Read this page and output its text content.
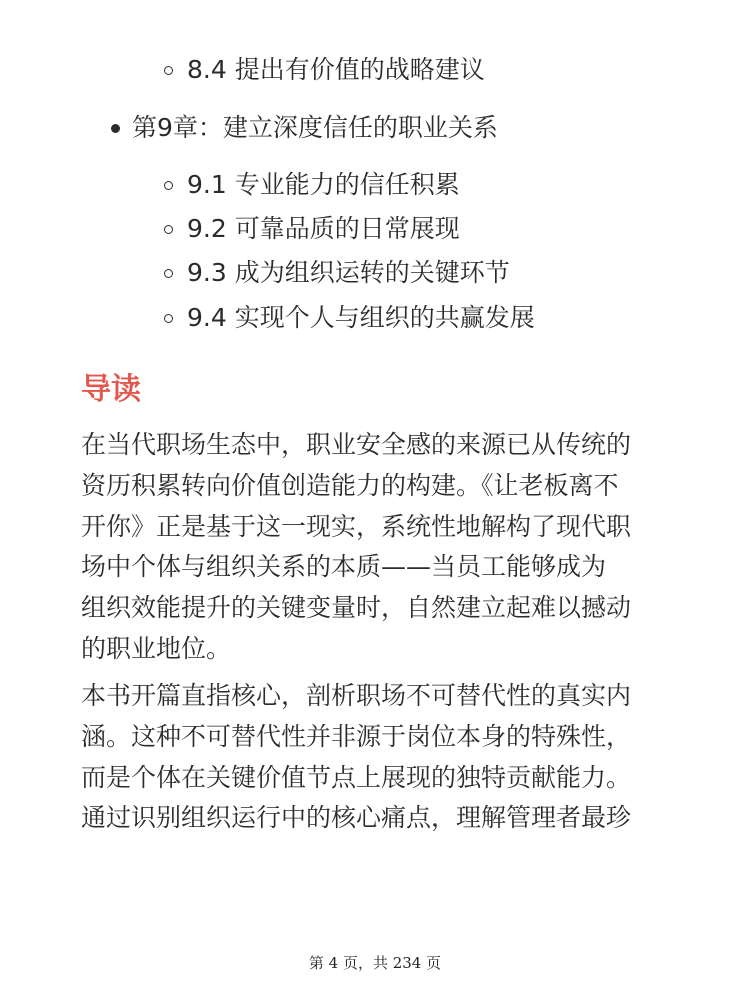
8.4 提出有价值的战略建议
第9章：建立深度信任的职业关系
9.1 专业能力的信任积累
9.2 可靠品质的日常展现
9.3 成为组织运转的关键环节
9.4 实现个人与组织的共赢发展
导读

在当代职场生态中，职业安全感的来源已从传统的
资历积累转向价值创造能力的构建。《让老板离不
开你》正是基于这一现实，系统性地解构了现代职
场中个体与组织关系的本质——当员工能够成为
组织效能提升的关键变量时，自然建立起难以撼动
的职业地位。

本书开篇直指核心，剖析职场不可替代性的真实内
涵。这种不可替代性并非源于岗位本身的特殊性，
而是个体在关键价值节点上展现的独特贡献能力。
通过识别组织运行中的核心痛点，理解管理者最珍

第 4 页，共 234 页
